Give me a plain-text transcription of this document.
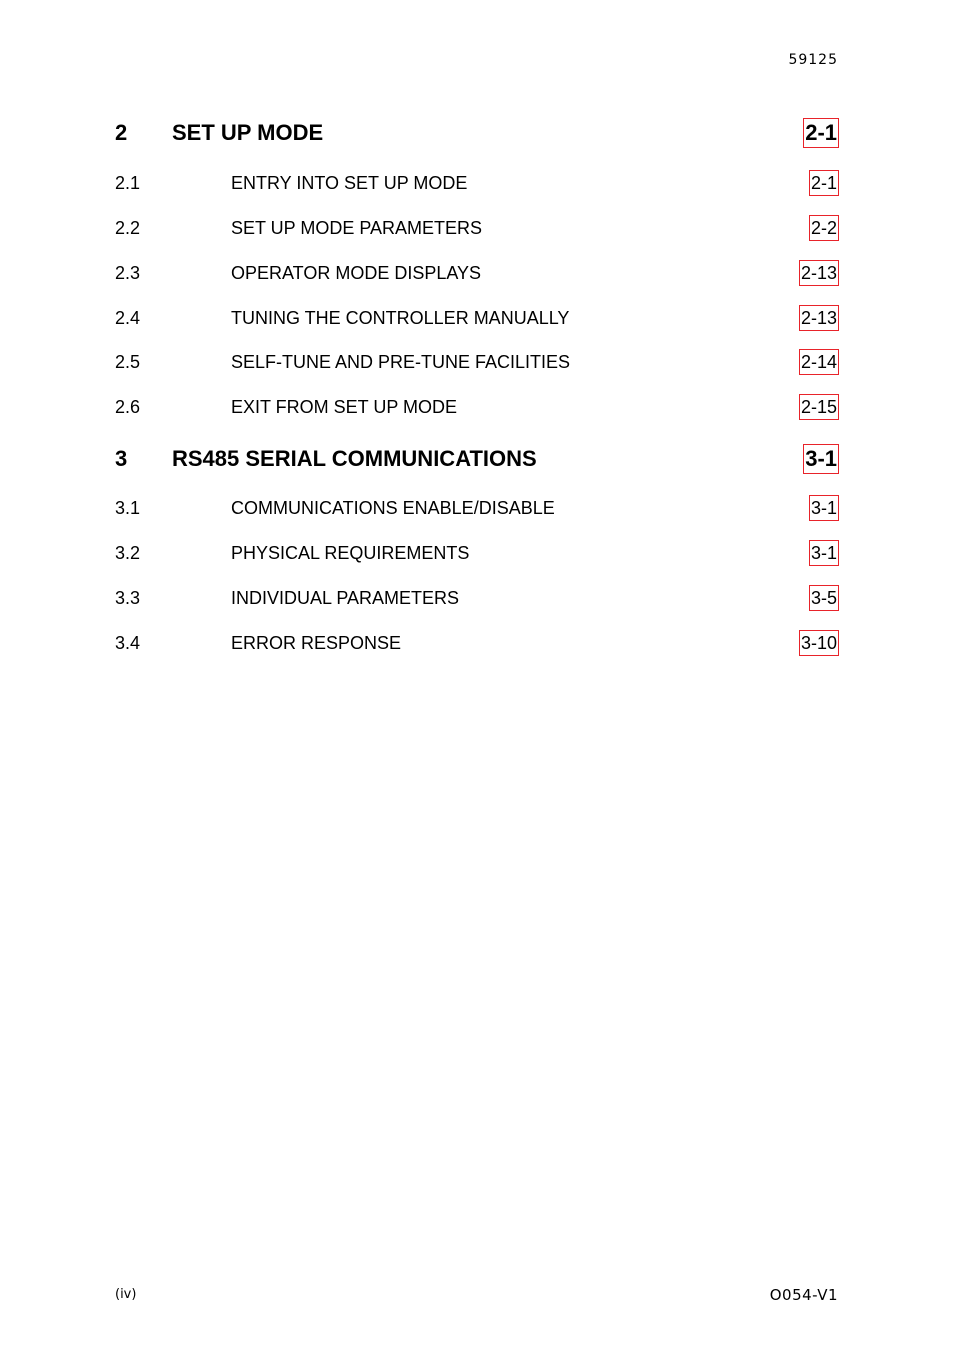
59125
2 SET UP MODE	2-1
2.1	ENTRY INTO SET UP MODE	2-1
2.2	SET UP MODE PARAMETERS	2-2
2.3	OPERATOR MODE DISPLAYS	2-13
2.4	TUNING THE CONTROLLER MANUALLY	2-13
2.5	SELF-TUNE AND PRE-TUNE FACILITIES	2-14
2.6	EXIT FROM SET UP MODE	2-15
3 RS485 SERIAL COMMUNICATIONS	3-1
3.1	COMMUNICATIONS ENABLE/DISABLE	3-1
3.2	PHYSICAL REQUIREMENTS	3-1
3.3	INDIVIDUAL PARAMETERS	3-5
3.4	ERROR RESPONSE	3-10
(iv)	O054-V1
